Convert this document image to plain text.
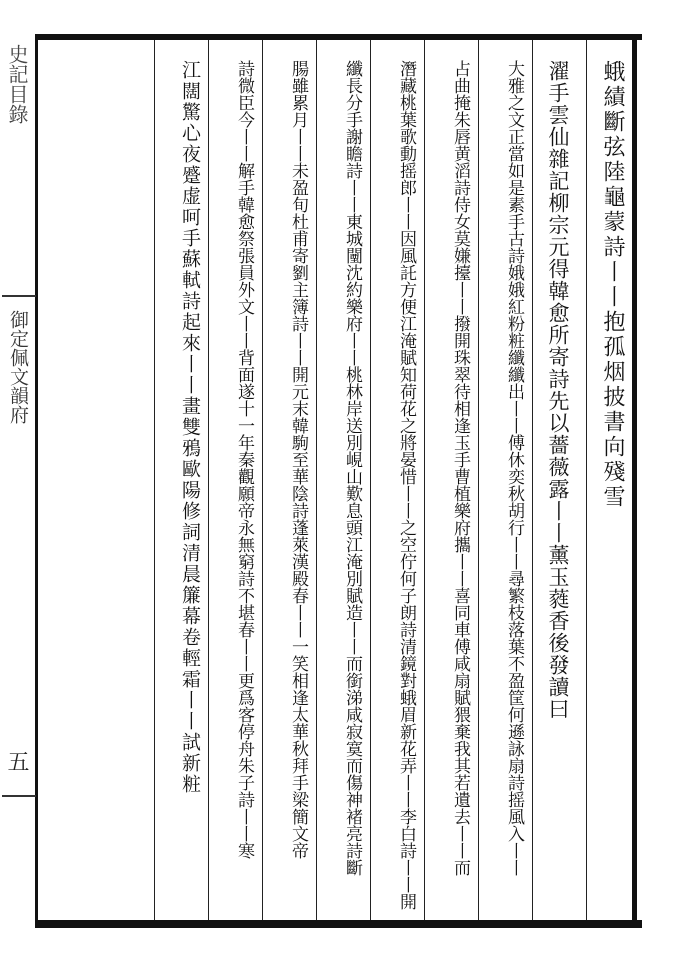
史記目錄
御定佩文韻府
五
蛾績斷弦陸龜蒙詩丨丨抱孤烟披書向殘雪
濯手雲仙雜記柳宗元得韓愈所寄詩先以薔薇露丨丨薰玉蕤香後發讀曰
大雅之文正當如是素手古詩娥娥紅粉粧纖纖出丨丨傅休奕秋胡行丨丨尋繁枝落葉不盈筐何遜詠扇詩摇風入丨丨
占曲掩朱唇黄滔詩侍女莫嫌擡丨丨撥開珠翠待相逢玉手曹植樂府攜丨丨喜同車傅咸扇賦猥棄我其若遺去丨丨而
潛藏桃葉歌動摇郎丨丨因風託方便江淹賦知荷花之將晏惜丨丨之空佇何子朗詩清鏡對蛾眉新花弄丨丨李白詩丨丨開
纖長分手謝瞻詩丨丨東城闉沈約樂府丨丨桃林岸送別峴山歎息頭江淹別賦造丨丨而銜涕咸寂寞而傷神褚亮詩斷
腸雖累月丨丨未盈旬杜甫寄劉主簿詩丨丨開元末韓駒至華陰詩蓬萊漢殿春丨丨一笑相逢太華秋拜手梁簡文帝
詩微臣今丨丨解手韓愈祭張員外文丨丨背面遂十一年秦觀願帝永無窮詩不堪春丨丨更爲客停舟朱子詩丨丨寒
江闊驚心夜蹙虚呵手蘇軾詩起來丨丨畫雙鴉歐陽修詞清晨簾幕卷輕霜丨丨試新粧
